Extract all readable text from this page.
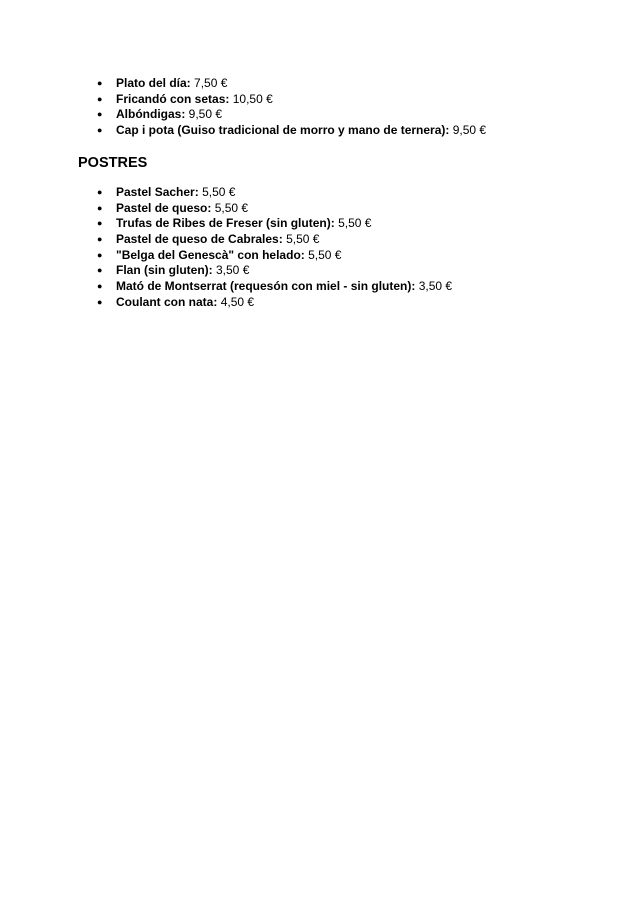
● Plato del día: 7,50 €
● Fricandó con setas: 10,50 €
● Albóndigas: 9,50 €
● Cap i pota (Guiso tradicional de morro y mano de ternera): 9,50 €
POSTRES
● Pastel Sacher: 5,50 €
● Pastel de queso: 5,50 €
● Trufas de Ribes de Freser (sin gluten): 5,50 €
● Pastel de queso de Cabrales: 5,50 €
● "Belga del Genescà" con helado: 5,50 €
● Flan (sin gluten): 3,50 €
● Mató de Montserrat (requesón con miel - sin gluten): 3,50 €
● Coulant con nata: 4,50 €
